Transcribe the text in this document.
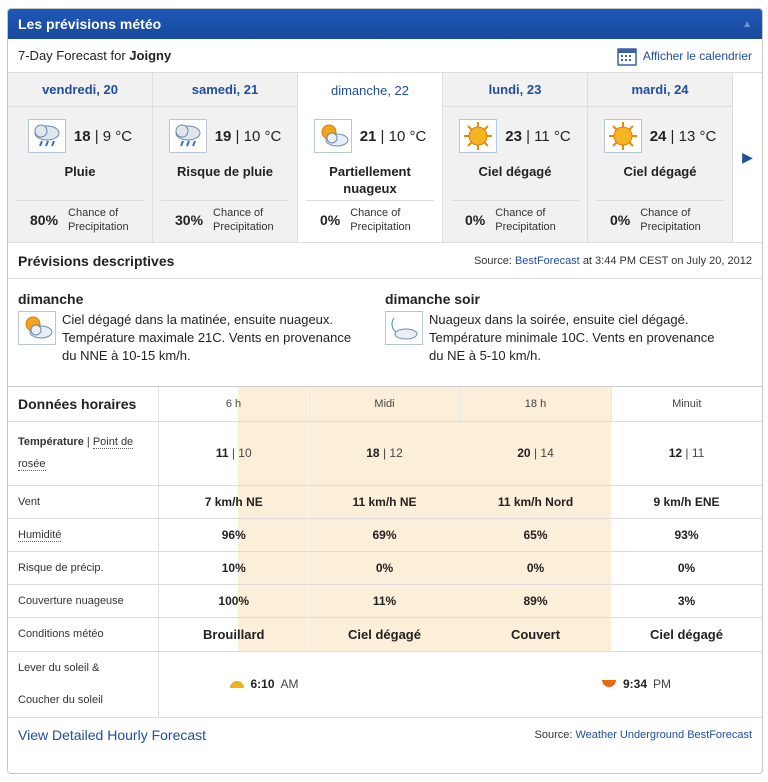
Les prévisions météo	▲
7-Day Forecast for Joigny	Afficher le calendrier
vendredi, 20
18 | 9 °C
Pluie
80% Chance of Precipitation
samedi, 21
19 | 10 °C
Risque de pluie
30% Chance of Precipitation
dimanche, 22
21 | 10 °C
Partiellement nuageux
0% Chance of Precipitation
lundi, 23
23 | 11 °C
Ciel dégagé
0% Chance of Precipitation
mardi, 24
24 | 13 °C
Ciel dégagé
0% Chance of Precipitation
▶
Prévisions descriptives	Source: BestForecast at 3:44 PM CEST on July 20, 2012
dimanche

Ciel dégagé dans la matinée, ensuite nuageux. Température maximale 21C. Vents en provenance du NNE à 10-15 km/h.

dimanche soir

Nuageux dans la soirée, ensuite ciel dégagé. Température minimale 10C. Vents en provenance du NE à 5-10 km/h.

Données horaires	6 h	Midi	18 h	Minuit
Température | Point de rosée	11 | 10	18 | 12	20 | 14	12 | 11
Vent	7 km/h NE	11 km/h NE	11 km/h Nord	9 km/h ENE
Humidité	96%	69%	65%	93%
Risque de précip.	10%	0%	0%	0%
Couverture nuageuse	100%	11%	89%	3%
Conditions météo	Brouillard	Ciel dégagé	Couvert	Ciel dégagé
Lever du soleil &
Coucher du soleil	6:10 AM			9:34 PM
View Detailed Hourly Forecast	Source: Weather Underground BestForecast
